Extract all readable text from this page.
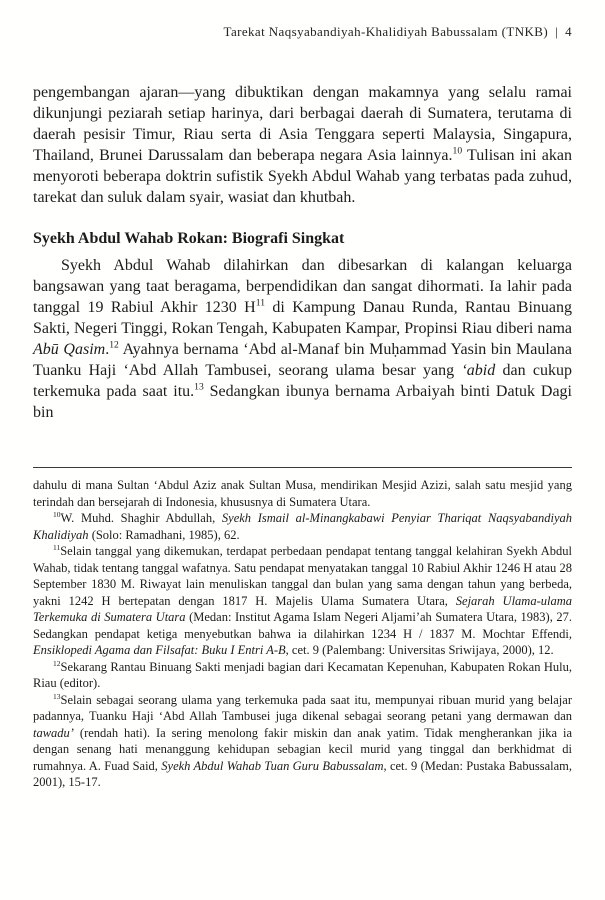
Tarekat Naqsyabandiyah-Khalidiyah Babussalam (TNKB) | 4

pengembangan ajaran—yang dibuktikan dengan makamnya yang selalu ramai dikunjungi peziarah setiap harinya, dari berbagai daerah di Sumatera, terutama di daerah pesisir Timur, Riau serta di Asia Tenggara seperti Malaysia, Singapura, Thailand, Brunei Darussalam dan beberapa negara Asia lainnya.$^{10}$ Tulisan ini akan menyoroti beberapa doktrin sufistik Syekh Abdul Wahab yang terbatas pada zuhud, tarekat dan suluk dalam syair, wasiat dan khutbah.

Syekh Abdul Wahab Rokan: Biografi Singkat

Syekh Abdul Wahab dilahirkan dan dibesarkan di kalangan keluarga bangsawan yang taat beragama, berpendidikan dan sangat dihormati. Ia lahir pada tanggal 19 Rabiul Akhir 1230 $H^{11}$ di Kampung Danau Runda, Rantau Binuang Sakti, Negeri Tinggi, Rokan Tengah, Kabupaten Kampar, Propinsi Riau diberi nama Abū Qasim.$^{12}$ Ayahnya bernama ‘Abd al-Manaf bin Muḥammad Yasin bin Maulana Tuanku Haji ‘Abd Allah Tambusei, seorang ulama besar yang ‘abid dan cukup terkemuka pada saat itu.$^{13}$ Sedangkan ibunya bernama Arbaiyah binti Datuk Dagi bin

dahulu di mana Sultan ‘Abdul Aziz anak Sultan Musa, mendirikan Mesjid Azizi, salah satu mesjid yang terindah dan bersejarah di Indonesia, khususnya di Sumatera Utara.

$^{10}$W. Muhd. Shaghir Abdullah, Syekh Ismail al-Minangkabawi Penyiar Thariqat Naqsyabandiyah Khalidiyah (Solo: Ramadhani, 1985), 62.

$^{11}$Selain tanggal yang dikemukan, terdapat perbedaan pendapat tentang tanggal kelahiran Syekh Abdul Wahab, tidak tentang tanggal wafatnya. Satu pendapat menyatakan tanggal 10 Rabiul Akhir 1246 H atau 28 September 1830 M. Riwayat lain menuliskan tanggal dan bulan yang sama dengan tahun yang berbeda, yakni 1242 H bertepatan dengan 1817 H. Majelis Ulama Sumatera Utara, Sejarah Ulama-ulama Terkemuka di Sumatera Utara (Medan: Institut Agama Islam Negeri Aljami’ah Sumatera Utara, 1983), 27. Sedangkan pendapat ketiga menyebutkan bahwa ia dilahirkan 1234 H / 1837 M. Mochtar Effendi, Ensiklopedi Agama dan Filsafat: Buku I Entri A-B, cet. 9 (Palembang: Universitas Sriwijaya, 2000), 12.

$^{12}$Sekarang Rantau Binuang Sakti menjadi bagian dari Kecamatan Kepenuhan, Kabupaten Rokan Hulu, Riau (editor).

$^{13}$Selain sebagai seorang ulama yang terkemuka pada saat itu, mempunyai ribuan murid yang belajar padannya, Tuanku Haji ‘Abd Allah Tambusei juga dikenal sebagai seorang petani yang dermawan dan tawadu’ (rendah hati). Ia sering menolong fakir miskin dan anak yatim. Tidak mengherankan jika ia dengan senang hati menanggung kehidupan sebagian kecil murid yang tinggal dan berkhidmat di rumahnya. A. Fuad Said, Syekh Abdul Wahab Tuan Guru Babussalam, cet. 9 (Medan: Pustaka Babussalam, 2001), 15-17.
